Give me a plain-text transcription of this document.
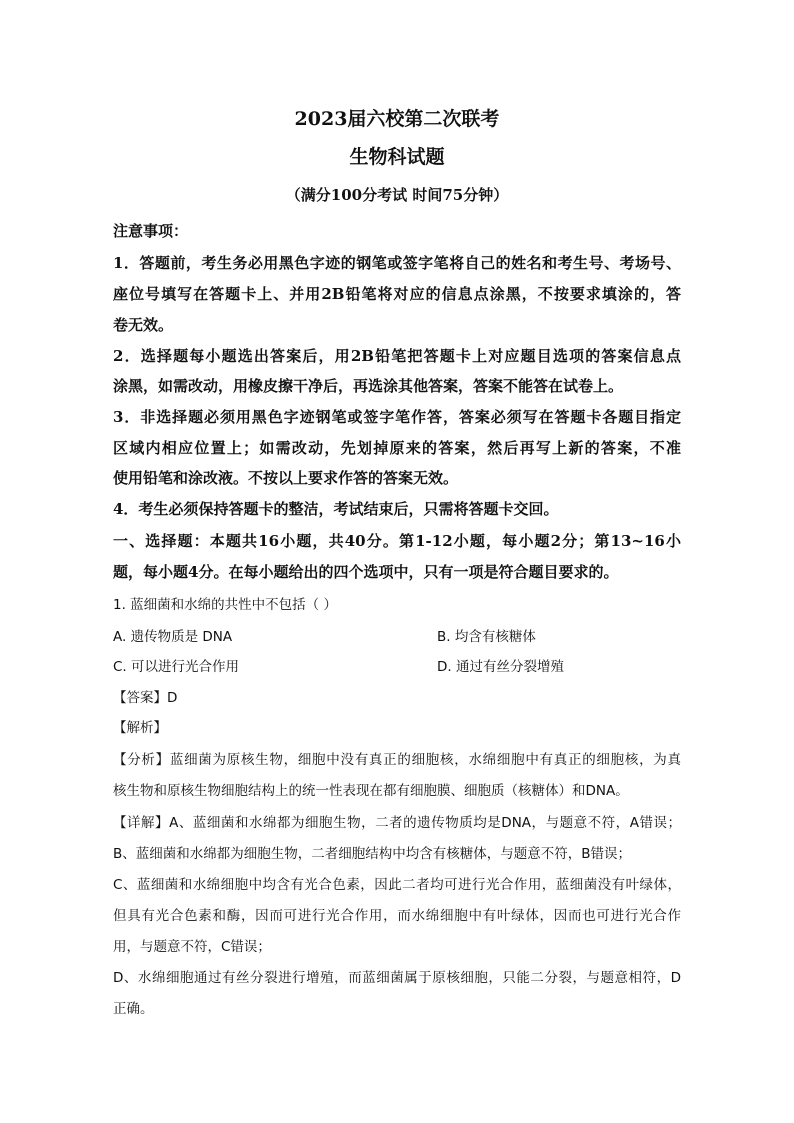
2023届六校第二次联考
生物科试题
（满分100分考试 时间75分钟）
注意事项：
1．答题前，考生务必用黑色字迹的钢笔或签字笔将自己的姓名和考生号、考场号、
座位号填写在答题卡上、并用2B铅笔将对应的信息点涂黑，不按要求填涂的，答
卷无效。
2．选择题每小题选出答案后，用2B铅笔把答题卡上对应题目选项的答案信息点
涂黑，如需改动，用橡皮擦干净后，再选涂其他答案，答案不能答在试卷上。
3．非选择题必须用黑色字迹钢笔或签字笔作答，答案必须写在答题卡各题目指定
区域内相应位置上；如需改动，先划掉原来的答案，然后再写上新的答案，不准
使用铅笔和涂改液。不按以上要求作答的答案无效。
4．考生必须保持答题卡的整洁，考试结束后，只需将答题卡交回。
一、选择题：本题共16小题，共40分。第1-12小题，每小题2分；第13~16小
题，每小题4分。在每小题给出的四个选项中，只有一项是符合题目要求的。
1. 蓝细菌和水绵的共性中不包括（ ）
A. 遗传物质是 DNA	B. 均含有核糖体
C. 可以进行光合作用	D. 通过有丝分裂增殖
【答案】D
【解析】
【分析】蓝细菌为原核生物，细胞中没有真正的细胞核，水绵细胞中有真正的细胞核，为真
核生物和原核生物细胞结构上的统一性表现在都有细胞膜、细胞质（核糖体）和DNA。
【详解】A、蓝细菌和水绵都为细胞生物，二者的遗传物质均是DNA，与题意不符，A错误；
B、蓝细菌和水绵都为细胞生物，二者细胞结构中均含有核糖体，与题意不符，B错误；
C、蓝细菌和水绵细胞中均含有光合色素，因此二者均可进行光合作用，蓝细菌没有叶绿体，
但具有光合色素和酶，因而可进行光合作用，而水绵细胞中有叶绿体，因而也可进行光合作
用，与题意不符，C错误；
D、水绵细胞通过有丝分裂进行增殖，而蓝细菌属于原核细胞，只能二分裂，与题意相符，D
正确。
